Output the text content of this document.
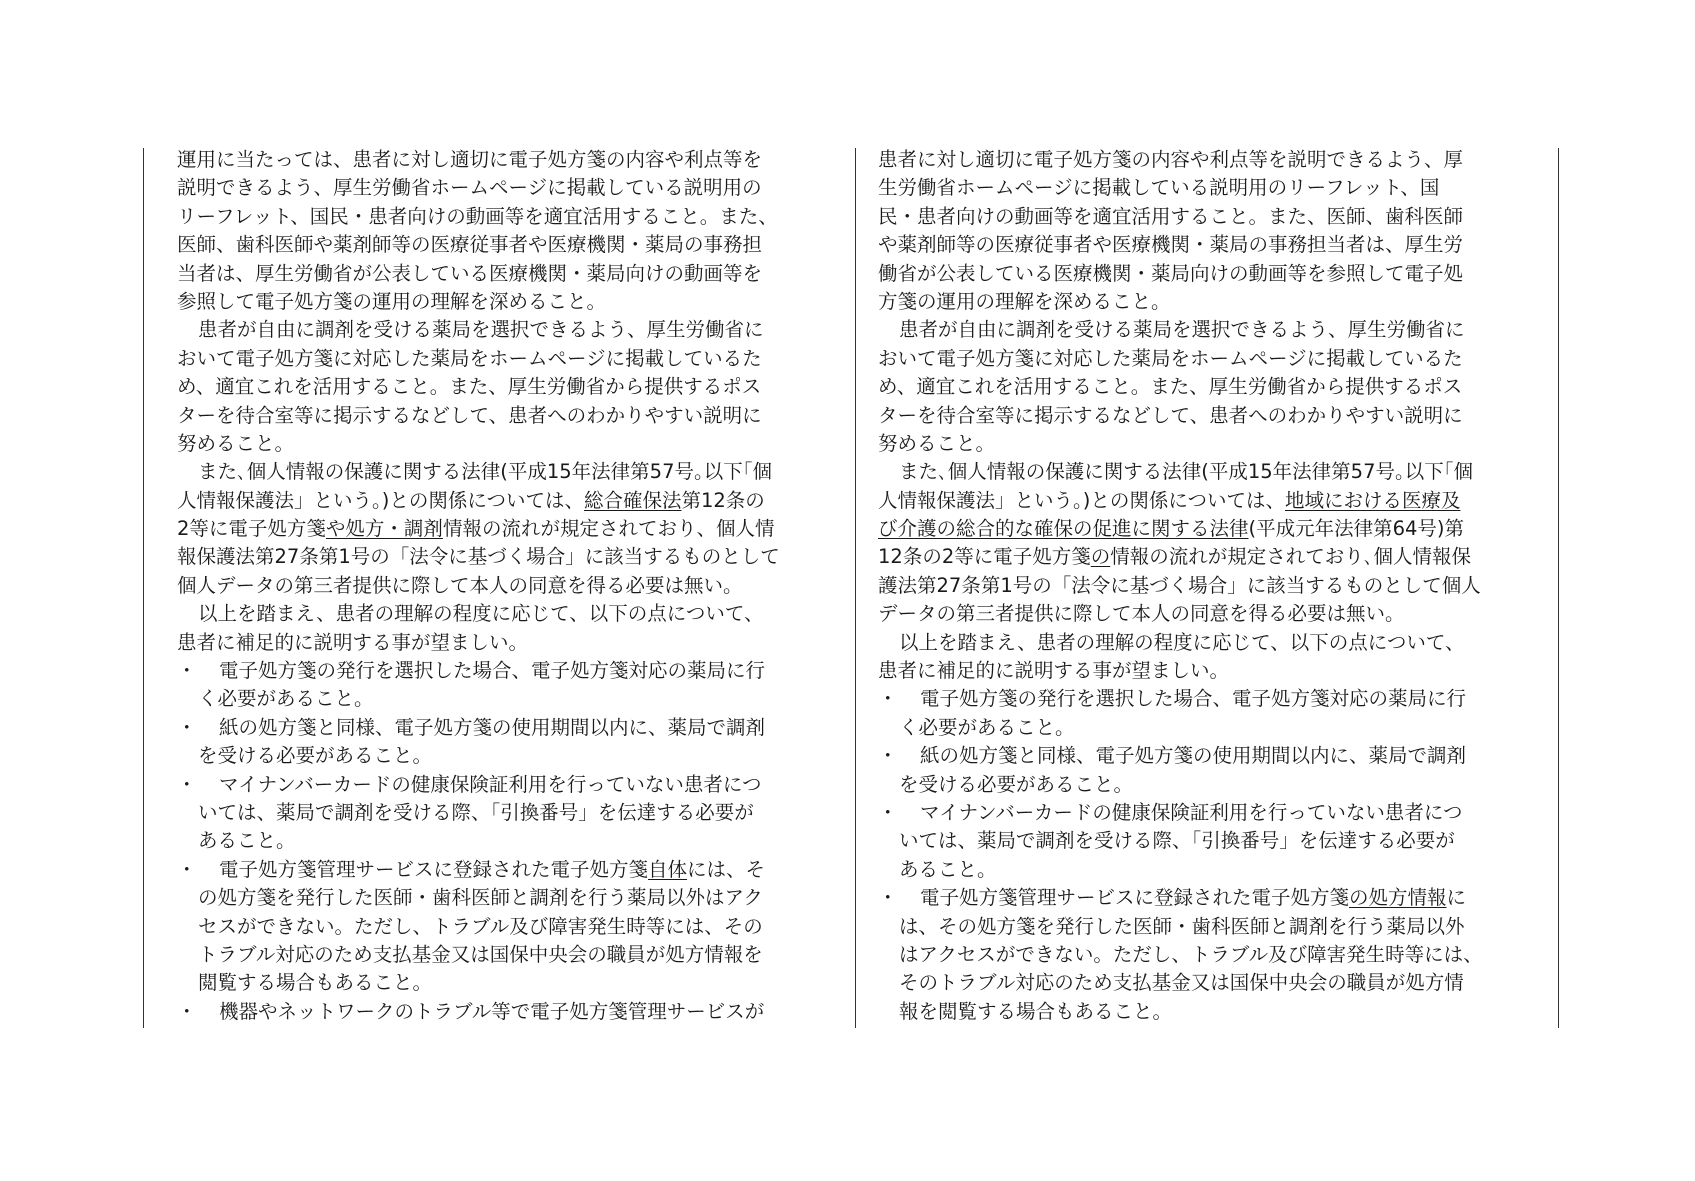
運用に当たっては、患者に対し適切に電子処方箋の内容や利点等を
説明できるよう、厚生労働省ホームページに掲載している説明用の
リーフレット、国民・患者向けの動画等を適宜活用すること。また、
医師、歯科医師や薬剤師等の医療従事者や医療機関・薬局の事務担
当者は、厚生労働省が公表している医療機関・薬局向けの動画等を
参照して電子処方箋の運用の理解を深めること。
患者が自由に調剤を受ける薬局を選択できるよう、厚生労働省に
おいて電子処方箋に対応した薬局をホームページに掲載しているた
め、適宜これを活用すること。また、厚生労働省から提供するポス
ターを待合室等に掲示するなどして、患者へのわかりやすい説明に
努めること。
また､個人情報の保護に関する法律(平成15年法律第57号｡以下｢個
人情報保護法」という。)との関係については、総合確保法第12条の
2等に電子処方箋や処方・調剤情報の流れが規定されており、個人情
報保護法第27条第1号の「法令に基づく場合」に該当するものとして
個人データの第三者提供に際して本人の同意を得る必要は無い｡
以上を踏まえ、患者の理解の程度に応じて、以下の点について、
患者に補足的に説明する事が望ましい。
・	電子処方箋の発行を選択した場合、電子処方箋対応の薬局に行
く必要があること。
・	紙の処方箋と同様、電子処方箋の使用期間以内に、薬局で調剤
を受ける必要があること。
・	マイナンバーカードの健康保険証利用を行っていない患者につ
いては、薬局で調剤を受ける際、「引換番号」を伝達する必要が
あること。
・	電子処方箋管理サービスに登録された電子処方箋自体には、そ
の処方箋を発行した医師・歯科医師と調剤を行う薬局以外はアク
セスができない。ただし、トラブル及び障害発生時等には、その
トラブル対応のため支払基金又は国保中央会の職員が処方情報を
閲覧する場合もあること。
・	機器やネットワークのトラブル等で電子処方箋管理サービスが
患者に対し適切に電子処方箋の内容や利点等を説明できるよう、厚
生労働省ホームページに掲載している説明用のリーフレット、国
民・患者向けの動画等を適宜活用すること。また、医師、歯科医師
や薬剤師等の医療従事者や医療機関・薬局の事務担当者は、厚生労
働省が公表している医療機関・薬局向けの動画等を参照して電子処
方箋の運用の理解を深めること。
患者が自由に調剤を受ける薬局を選択できるよう、厚生労働省に
おいて電子処方箋に対応した薬局をホームページに掲載しているた
め、適宜これを活用すること。また、厚生労働省から提供するポス
ターを待合室等に掲示するなどして、患者へのわかりやすい説明に
努めること。
また､個人情報の保護に関する法律(平成15年法律第57号｡以下｢個
人情報保護法」という。)との関係については、地域における医療及
び介護の総合的な確保の促進に関する法律(平成元年法律第64号)第
12条の2等に電子処方箋の情報の流れが規定されており､個人情報保
護法第27条第1号の「法令に基づく場合」に該当するものとして個人
データの第三者提供に際して本人の同意を得る必要は無い。
以上を踏まえ、患者の理解の程度に応じて、以下の点について、
患者に補足的に説明する事が望ましい。
・	電子処方箋の発行を選択した場合、電子処方箋対応の薬局に行
く必要があること。
・	紙の処方箋と同様、電子処方箋の使用期間以内に、薬局で調剤
を受ける必要があること。
・	マイナンバーカードの健康保険証利用を行っていない患者につ
いては、薬局で調剤を受ける際、「引換番号」を伝達する必要が
あること。
・	電子処方箋管理サービスに登録された電子処方箋の処方情報に
は、その処方箋を発行した医師・歯科医師と調剤を行う薬局以外
はアクセスができない。ただし、トラブル及び障害発生時等には、
そのトラブル対応のため支払基金又は国保中央会の職員が処方情
報を閲覧する場合もあること。
